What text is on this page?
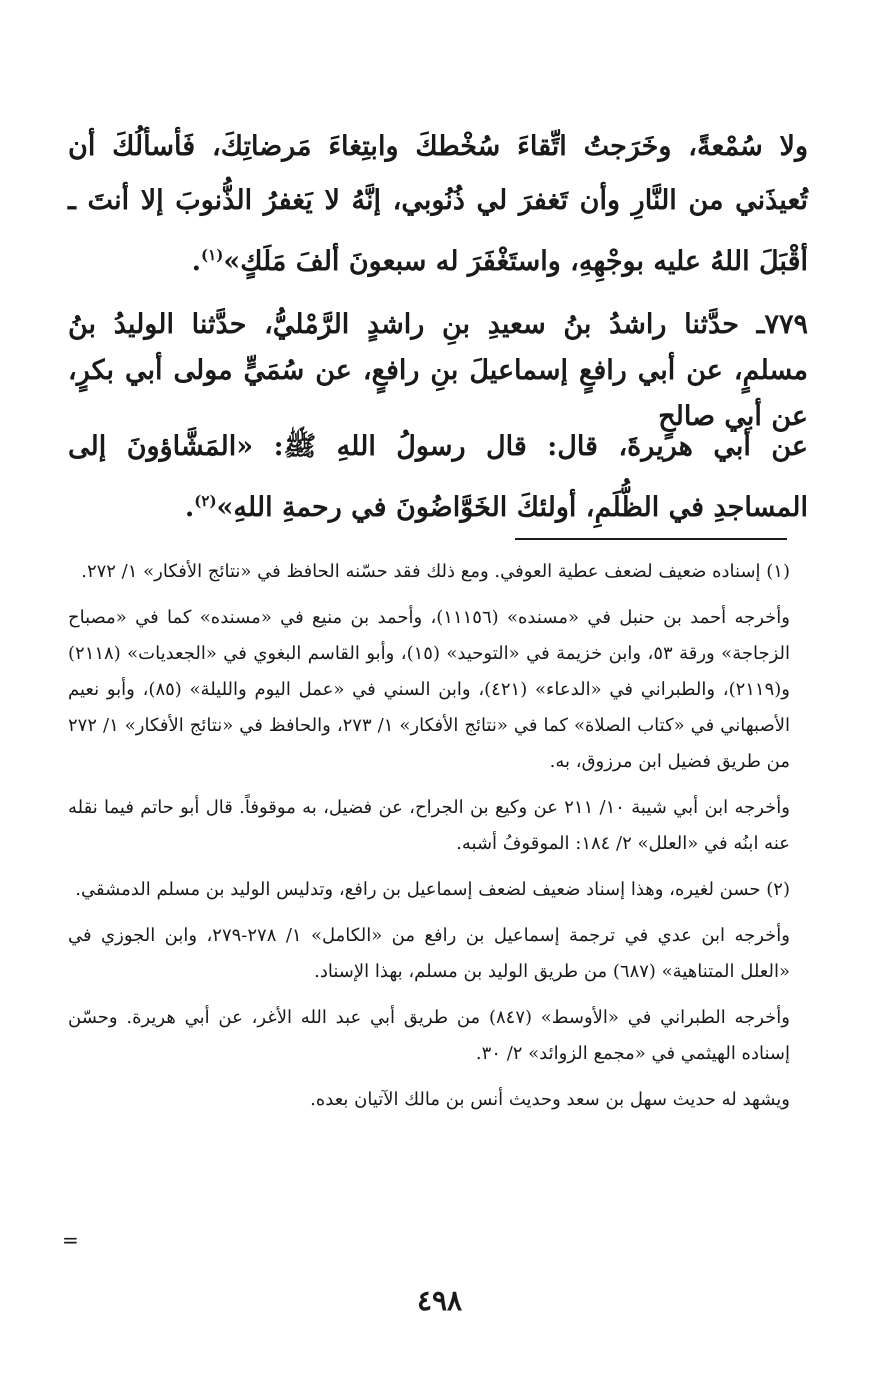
ولا سُمْعةً، وخَرَجتُ اتِّقاءَ سُخْطكَ وابتِغاءَ مَرضاتِكَ، فَأسألُكَ أن تُعيذَني من النَّارِ وأن تَغفرَ لي ذُنُوبي، إنَّهُ لا يَغفرُ الذُّنوبَ إلا أنتَ ـ أقْبَلَ اللهُ عليه بوجْهِهِ، واستَغْفَرَ له سبعونَ ألفَ مَلَكٍ»$^{(١)}$.

٧٧٩ـ حدَّثنا راشدُ بنُ سعيدِ بنِ راشدٍ الرَّمْليُّ، حدَّثنا الوليدُ بنُ مسلمٍ، عن أبي رافعٍ إسماعيلَ بنِ رافعٍ، عن سُمَيٍّ مولى أبي بكرٍ، عن أبي صالحٍ

عن أبي هريرةَ، قال: قال رسولُ اللهِ ﷺ: «المَشَّاؤونَ إلى المساجدِ في الظُّلَمِ، أولئكَ الخَوَّاضُونَ في رحمةِ اللهِ»$^{(٢)}$.

(١) إسناده ضعيف لضعف عطية العوفي. ومع ذلك فقد حسّنه الحافظ في «نتائج الأفكار» ١/ ٢٧٢.

وأخرجه أحمد بن حنبل في «مسنده» (١١١٥٦)، وأحمد بن منيع في «مسنده» كما في «مصباح الزجاجة» ورقة ٥٣، وابن خزيمة في «التوحيد» (١٥)، وأبو القاسم البغوي في «الجعديات» (٢١١٨) و(٢١١٩)، والطبراني في «الدعاء» (٤٢١)، وابن السني في «عمل اليوم والليلة» (٨٥)، وأبو نعيم الأصبهاني في «كتاب الصلاة» كما في «نتائج الأفكار» ١/ ٢٧٣، والحافظ في «نتائج الأفكار» ١/ ٢٧٢ من طريق فضيل ابن مرزوق، به.

وأخرجه ابن أبي شيبة ١٠/ ٢١١ عن وكيع بن الجراح، عن فضيل، به موقوفاً. قال أبو حاتم فيما نقله عنه ابنُه في «العلل» ٢/ ١٨٤: الموقوفُ أشبه.

(٢) حسن لغيره، وهذا إسناد ضعيف لضعف إسماعيل بن رافع، وتدليس الوليد بن مسلم الدمشقي.

وأخرجه ابن عدي في ترجمة إسماعيل بن رافع من «الكامل» ١/ ٢٧٨-٢٧٩، وابن الجوزي في «العلل المتناهية» (٦٨٧) من طريق الوليد بن مسلم، بهذا الإسناد.

وأخرجه الطبراني في «الأوسط» (٨٤٧) من طريق أبي عبد الله الأغر، عن أبي هريرة. وحسّن إسناده الهيثمي في «مجمع الزوائد» ٢/ ٣٠.

ويشهد له حديث سهل بن سعد وحديث أنس بن مالك الآتيان بعده.

=
٤٩٨
